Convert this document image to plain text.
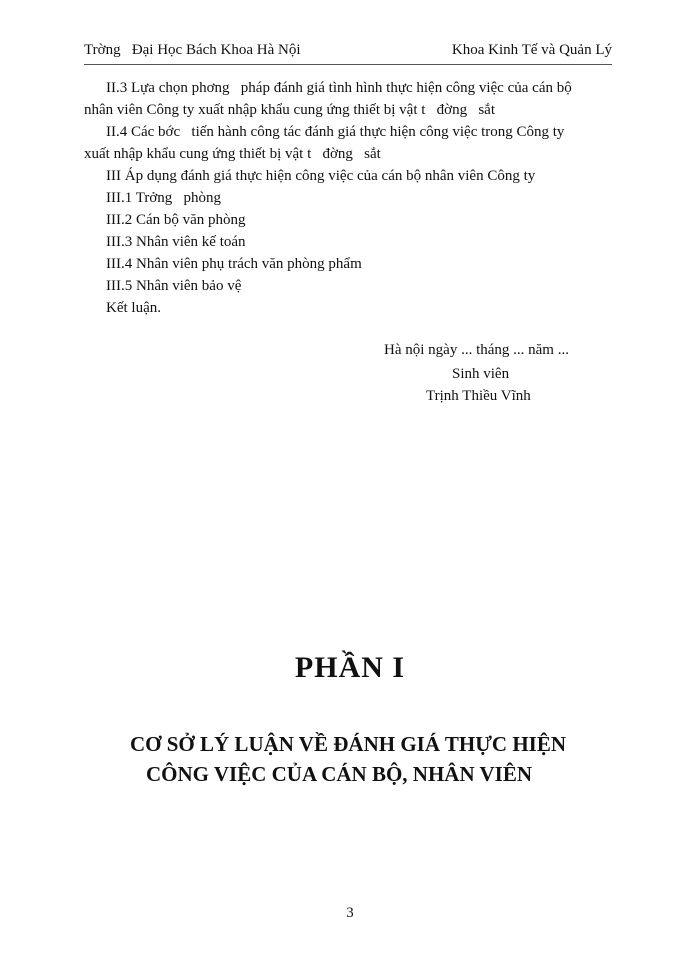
Trờng   Đại Học Bách Khoa Hà Nội	Khoa Kinh Tế và Quản Lý
II.3 Lựa chọn phơng   pháp đánh giá tình hình thực hiện công việc của cán bộ
nhân viên Công ty xuất nhập khẩu cung ứng thiết bị vật t   đờng   sắt
II.4 Các bớc   tiến hành công tác đánh giá thực hiện công việc trong Công ty
xuất nhập khẩu cung ứng thiết bị vật t   đờng   sắt
III Áp dụng đánh giá thực hiện công việc của cán bộ nhân viên Công ty
III.1 Trởng   phòng
III.2 Cán bộ văn phòng
III.3 Nhân viên kế toán
III.4 Nhân viên phụ trách văn phòng phẩm
III.5 Nhân viên bảo vệ
Kết luận.
Hà nội ngày ... tháng ... năm ...
Sinh viên
Trịnh Thiều Vĩnh
PHẦN I
CƠ SỞ LÝ LUẬN VỀ ĐÁNH GIÁ THỰC HIỆN
CÔNG VIỆC CỦA CÁN BỘ, NHÂN VIÊN
3
